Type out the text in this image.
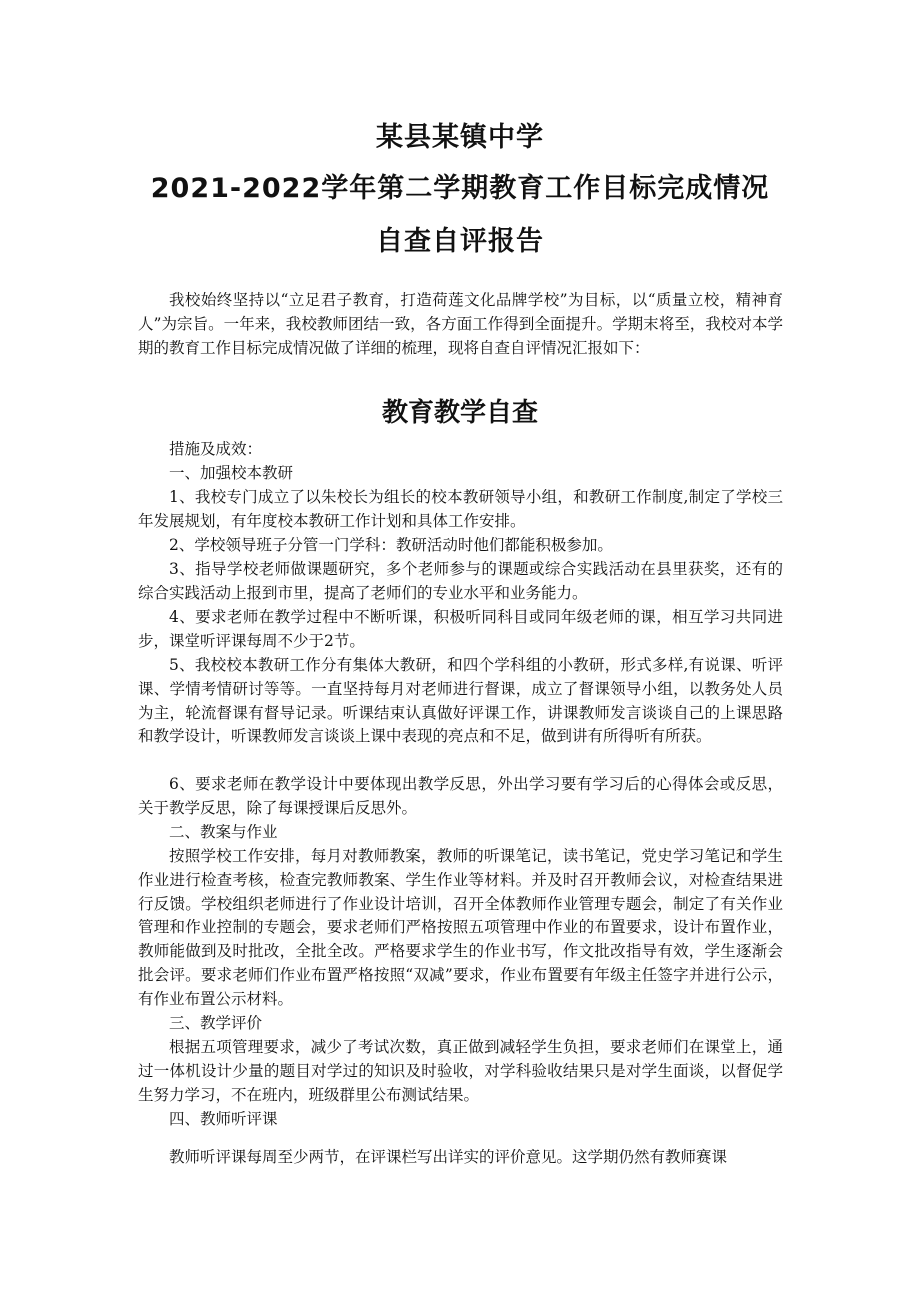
某县某镇中学
2021-2022学年第二学期教育工作目标完成情况
自查自评报告

我校始终坚持以“立足君子教育，打造荷莲文化品牌学校”为目标，以“质量立校，精神育人”为宗旨。一年来，我校教师团结一致，各方面工作得到全面提升。学期末将至，我校对本学期的教育工作目标完成情况做了详细的梳理，现将自查自评情况汇报如下：

教育教学自查

措施及成效：

一、加强校本教研

1、我校专门成立了以朱校长为组长的校本教研领导小组，和教研工作制度,制定了学校三年发展规划，有年度校本教研工作计划和具体工作安排。

2、学校领导班子分管一门学科：教研活动时他们都能积极参加。

3、指导学校老师做课题研究，多个老师参与的课题或综合实践活动在县里获奖，还有的综合实践活动上报到市里，提高了老师们的专业水平和业务能力。

4、要求老师在教学过程中不断听课，积极听同科目或同年级老师的课，相互学习共同进步，课堂听评课每周不少于2节。

5、我校校本教研工作分有集体大教研，和四个学科组的小教研，形式多样,有说课、听评课、学情考情研讨等等。一直坚持每月对老师进行督课，成立了督课领导小组，以教务处人员为主，轮流督课有督导记录。听课结束认真做好评课工作，讲课教师发言谈谈自己的上课思路和教学设计，听课教师发言谈谈上课中表现的亮点和不足，做到讲有所得听有所获。

6、要求老师在教学设计中要体现出教学反思，外出学习要有学习后的心得体会或反思，关于教学反思，除了每课授课后反思外。

二、教案与作业

按照学校工作安排，每月对教师教案，教师的听课笔记，读书笔记，党史学习笔记和学生作业进行检查考核，检查完教师教案、学生作业等材料。并及时召开教师会议，对检查结果进行反馈。学校组织老师进行了作业设计培训，召开全体教师作业管理专题会，制定了有关作业管理和作业控制的专题会，要求老师们严格按照五项管理中作业的布置要求，设计布置作业，教师能做到及时批改，全批全改。严格要求学生的作业书写，作文批改指导有效，学生逐渐会批会评。要求老师们作业布置严格按照“双减”要求，作业布置要有年级主任签字并进行公示，有作业布置公示材料。

三、教学评价

根据五项管理要求，减少了考试次数，真正做到减轻学生负担，要求老师们在课堂上，通过一体机设计少量的题目对学过的知识及时验收，对学科验收结果只是对学生面谈，以督促学生努力学习，不在班内，班级群里公布测试结果。

四、教师听评课

教师听评课每周至少两节，在评课栏写出详实的评价意见。这学期仍然有教师赛课
